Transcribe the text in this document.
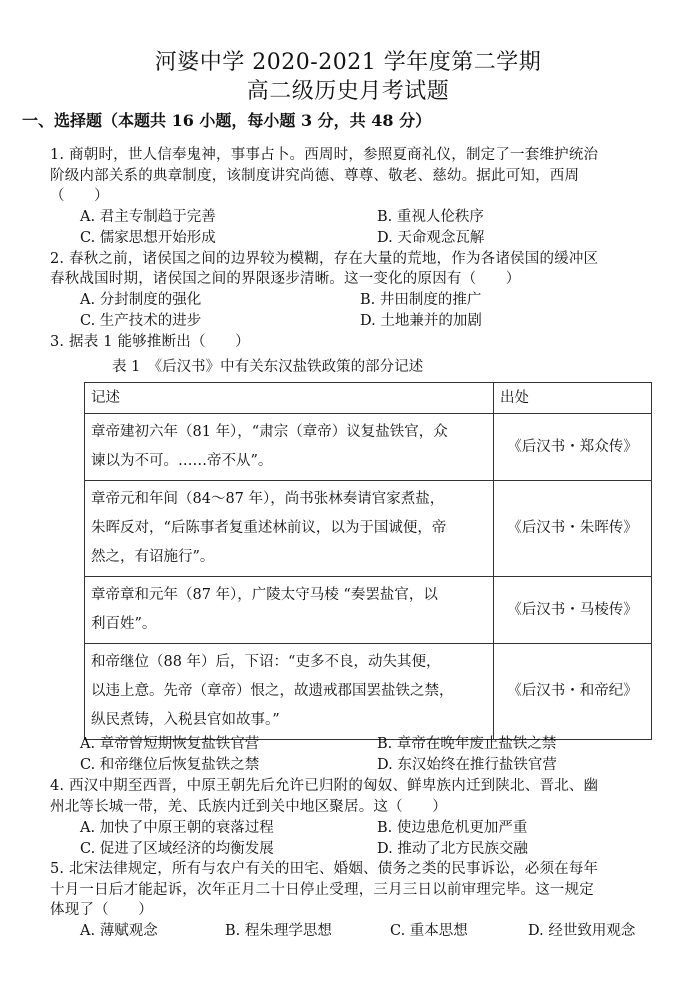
河婆中学 2020-2021 学年度第二学期
高二级历史月考试题
一、选择题（本题共 16 小题，每小题 3 分，共 48 分）
1. 商朝时，世人信奉鬼神，事事占卜。西周时，参照夏商礼仪，制定了一套维护统治
阶级内部关系的典章制度，该制度讲究尚德、尊尊、敬老、慈幼。据此可知，西周
（　　）
A. 君主专制趋于完善	B. 重视人伦秩序
C. 儒家思想开始形成	D. 天命观念瓦解
2. 春秋之前，诸侯国之间的边界较为模糊，存在大量的荒地，作为各诸侯国的缓冲区
春秋战国时期，诸侯国之间的界限逐步清晰。这一变化的原因有（　　）
A. 分封制度的强化	B. 井田制度的推广
C. 生产技术的进步	D. 土地兼并的加剧
3. 据表 1 能够推断出（　　）
表 1　《后汉书》中有关东汉盐铁政策的部分记述
记述	出处

章帝建初六年（81 年），“肃宗（章帝）议复盐铁官，众
谏以为不可。……帝不从”。	《后汉书・郑众传》

章帝元和年间（84～87 年），尚书张林奏请官家煮盐，
朱晖反对，“后陈事者复重述林前议，以为于国诚便，帝
然之，有诏施行”。	《后汉书・朱晖传》

章帝章和元年（87 年），广陵太守马棱 “奏罢盐官，以
利百姓”。	《后汉书・马棱传》

和帝继位（88 年）后，下诏：“吏多不良，动失其便，
以违上意。先帝（章帝）恨之，故遗戒郡国罢盐铁之禁，
纵民煮铸，入税县官如故事。”	《后汉书・和帝纪》
A. 章帝曾短期恢复盐铁官营	B. 章帝在晚年废止盐铁之禁
C. 和帝继位后恢复盐铁之禁	D. 东汉始终在推行盐铁官营
4. 西汉中期至西晋，中原王朝先后允许已归附的匈奴、鲜卑族内迁到陕北、晋北、幽
州北等长城一带，羌、氐族内迁到关中地区聚居。这（　　）
A. 加快了中原王朝的衰落过程	B. 使边患危机更加严重
C. 促进了区域经济的均衡发展	D. 推动了北方民族交融
5. 北宋法律规定，所有与农户有关的田宅、婚姻、债务之类的民事诉讼，必须在每年
十月一日后才能起诉，次年正月二十日停止受理，三月三日以前审理完毕。这一规定
体现了（　　）
A. 薄赋观念	B. 程朱理学思想	C. 重本思想	D. 经世致用观念
